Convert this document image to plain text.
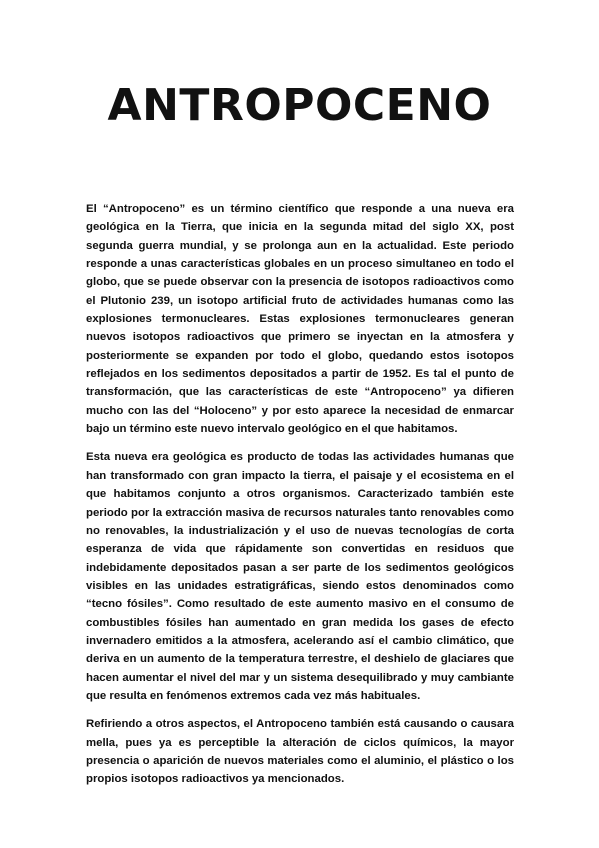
ANTROPOCENO

El “Antropoceno” es un término científico que responde a una nueva era geológica en la Tierra, que inicia en la segunda mitad del siglo XX, post segunda guerra mundial, y se prolonga aun en la actualidad. Este periodo responde a unas características globales en un proceso simultaneo en todo el globo, que se puede observar con la presencia de isotopos radioactivos como el Plutonio 239, un isotopo artificial fruto de actividades humanas como las explosiones termonucleares. Estas explosiones termonucleares generan nuevos isotopos radioactivos que primero se inyectan en la atmosfera y posteriormente se expanden por todo el globo, quedando estos isotopos reflejados en los sedimentos depositados a partir de 1952. Es tal el punto de transformación, que las características de este “Antropoceno” ya difieren mucho con las del “Holoceno” y por esto aparece la necesidad de enmarcar bajo un término este nuevo intervalo geológico en el que habitamos.

Esta nueva era geológica es producto de todas las actividades humanas que han transformado con gran impacto la tierra, el paisaje y el ecosistema en el que habitamos conjunto a otros organismos. Caracterizado también este periodo por la extracción masiva de recursos naturales tanto renovables como no renovables, la industrialización y el uso de nuevas tecnologías de corta esperanza de vida que rápidamente son convertidas en residuos que indebidamente depositados pasan a ser parte de los sedimentos geológicos visibles en las unidades estratigráficas, siendo estos denominados como “tecno fósiles”. Como resultado de este aumento masivo en el consumo de combustibles fósiles han aumentado en gran medida los gases de efecto invernadero emitidos a la atmosfera, acelerando así el cambio climático, que deriva en un aumento de la temperatura terrestre, el deshielo de glaciares que hacen aumentar el nivel del mar y un sistema desequilibrado y muy cambiante que resulta en fenómenos extremos cada vez más habituales.

Refiriendo a otros aspectos, el Antropoceno también está causando o causara mella, pues ya es perceptible la alteración de ciclos químicos, la mayor presencia o aparición de nuevos materiales como el aluminio, el plástico o los propios isotopos radioactivos ya mencionados.
